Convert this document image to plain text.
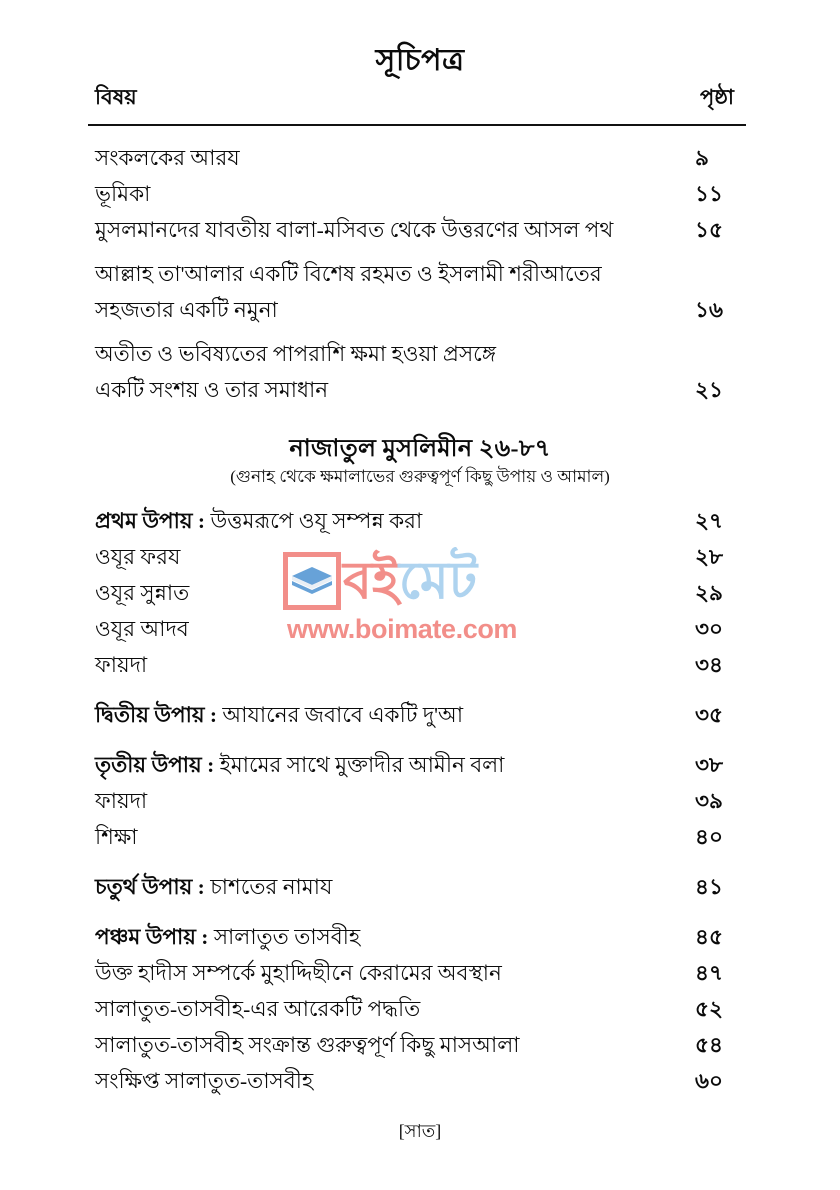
সূচিপত্র
বিষয়	পৃষ্ঠা
সংকলকের আরয	৯
ভূমিকা	১১
মুসলমানদের যাবতীয় বালা-মসিবত থেকে উত্তরণের আসল পথ	১৫
আল্লাহ তা'আলার একটি বিশেষ রহমত ও ইসলামী শরীআতের
সহজতার একটি নমুনা	১৬
অতীত ও ভবিষ্যতের পাপরাশি ক্ষমা হওয়া প্রসঙ্গে
একটি সংশয় ও তার সমাধান	২১
নাজাতুল মুসলিমীন ২৬-৮৭
(গুনাহ থেকে ক্ষমালাভের গুরুত্বপূর্ণ কিছু উপায় ও আমাল)
প্রথম উপায় : উত্তমরূপে ওযূ সম্পন্ন করা	২৭
ওযূর ফরয	২৮
ওযূর সুন্নাত	২৯
ওযূর আদব	৩০
ফায়দা	৩৪
দ্বিতীয় উপায় : আযানের জবাবে একটি দু'আ	৩৫
তৃতীয় উপায় : ইমামের সাথে মুক্তাদীর আমীন বলা	৩৮
ফায়দা	৩৯
শিক্ষা	৪০
চতুর্থ উপায় : চাশতের নামায	৪১
পঞ্চম উপায় : সালাতুত তাসবীহ	৪৫
উক্ত হাদীস সম্পর্কে মুহাদ্দিছীনে কেরামের অবস্থান	৪৭
সালাতুত-তাসবীহ-এর আরেকটি পদ্ধতি	৫২
সালাতুত-তাসবীহ সংক্রান্ত গুরুত্বপূর্ণ কিছু মাসআলা	৫৪
সংক্ষিপ্ত সালাতুত-তাসবীহ	৬০
বইমেট
www.boimate.com
[সাত]
